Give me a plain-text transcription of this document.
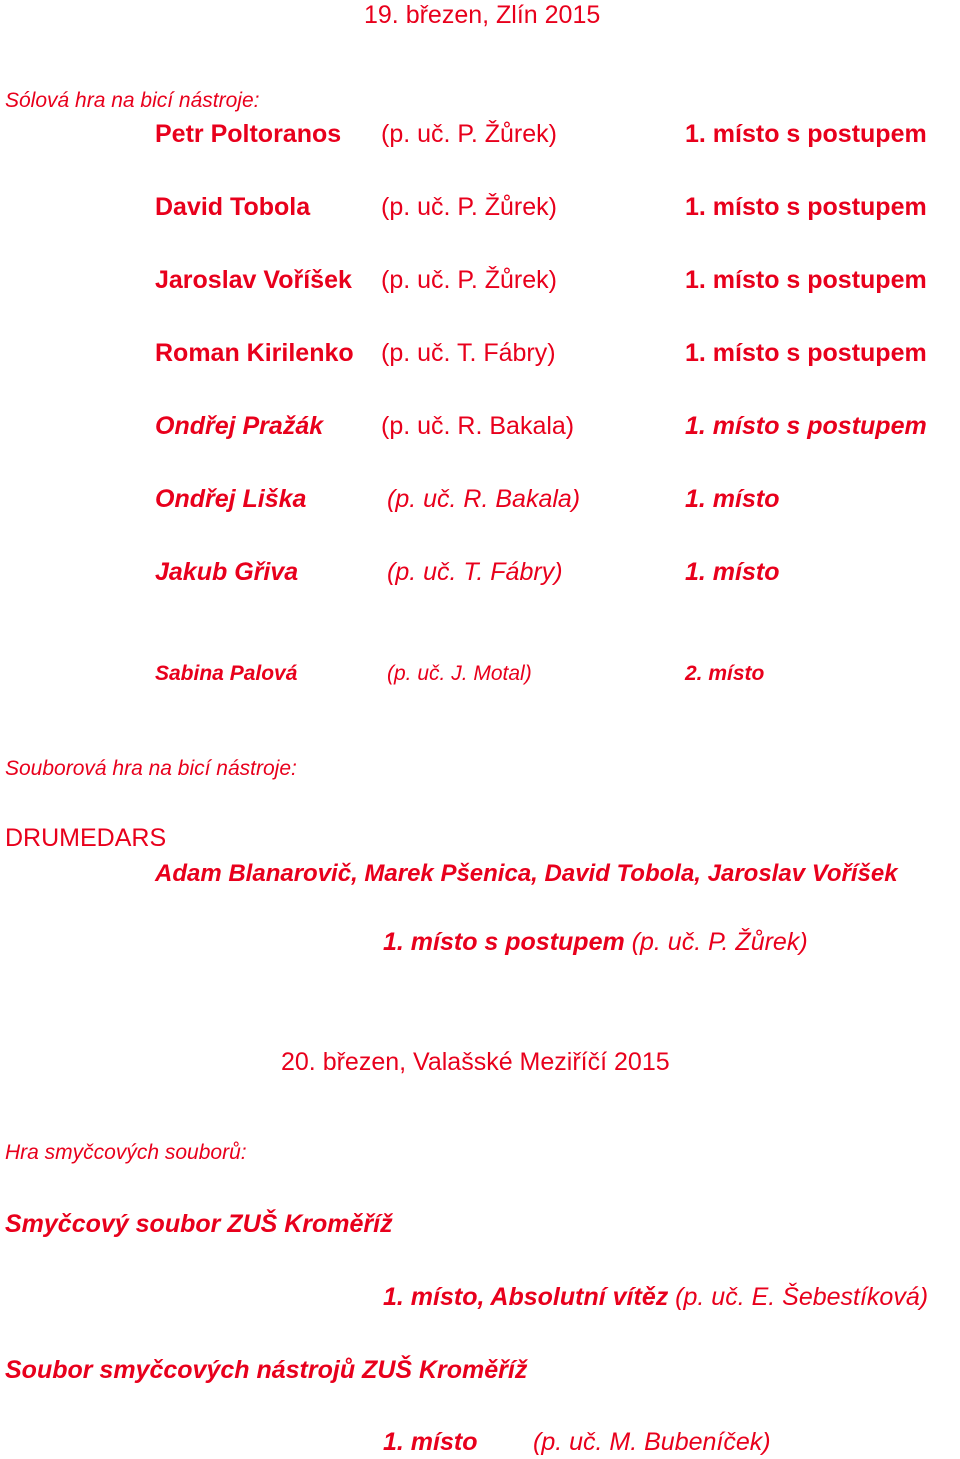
19. březen, Zlín 2015
Sólová hra na bicí nástroje:
Petr Poltoranos (p. uč. P. Žůrek)	1. místo s postupem
David Tobola	(p. uč. P. Žůrek)	1. místo s postupem
Jaroslav Voříšek (p. uč. P. Žůrek)	1. místo s postupem
Roman Kirilenko (p. uč. T. Fábry)	1. místo s postupem
Ondřej Pražák (p. uč. R. Bakala)	1. místo s postupem
Ondřej Liška	(p. uč. R. Bakala)	1. místo
Jakub Gřiva	(p. uč. T. Fábry)	1. místo
Sabina Palová	(p. uč. J. Motal)	2. místo
Souborová hra na bicí nástroje:
DRUMEDARS
Adam Blanarovič, Marek Pšenica, David Tobola, Jaroslav Voříšek
1. místo s postupem (p. uč. P. Žůrek)
20. březen, Valašské Meziříčí 2015
Hra smyčcových souborů:
Smyčcový soubor ZUŠ Kroměříž
1. místo, Absolutní vítěz (p. uč. E. Šebestíková)
Soubor smyčcových nástrojů ZUŠ Kroměříž
1. místo (p. uč. M. Bubeníček)
